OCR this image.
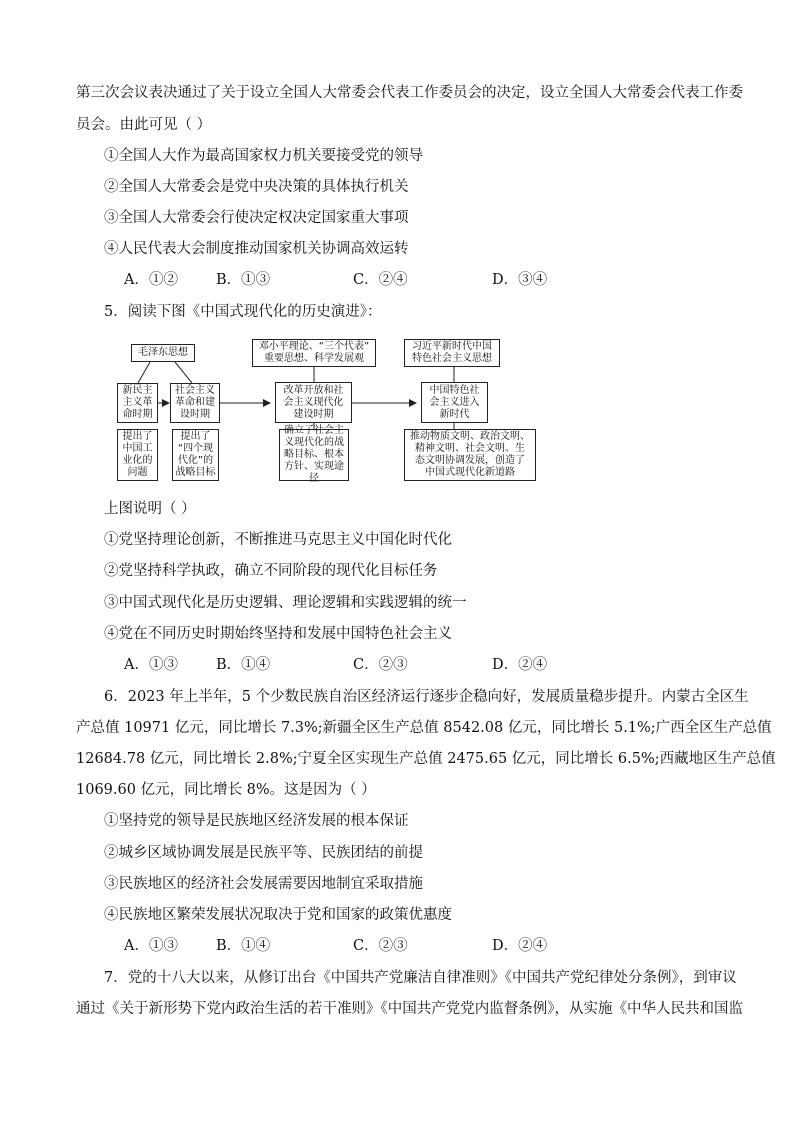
第三次会议表决通过了关于设立全国人大常委会代表工作委员会的决定，设立全国人大常委会代表工作委
员会。由此可见（ ）
①全国人大作为最高国家权力机关要接受党的领导
②全国人大常委会是党中央决策的具体执行机关
③全国人大常委会行使决定权决定国家重大事项
④人民代表大会制度推动国家机关协调高效运转
A．①②	B．①③	C．②④	D．③④
5．阅读下图《中国式现代化的历史演进》：
毛泽东思想
新民主
主义革
命时期
提出了
中国工
业化的
问题
社会主义
革命和建
设时期
提出了
“四个现
代化”的
战略目标
邓小平理论、“三个代表”
重要思想、科学发展观
改革开放和社
会主义现代化
建设时期
确立了社会主
义现代化的战
略目标、根本
方针、实现途径
习近平新时代中国
特色社会主义思想
中国特色社
会主义进入
新时代
推动物质文明、政治文明、
精神文明、社会文明、生
态文明协调发展，创造了
中国式现代化新道路
上图说明（ ）
①党坚持理论创新，不断推进马克思主义中国化时代化
②党坚持科学执政，确立不同阶段的现代化目标任务
③中国式现代化是历史逻辑、理论逻辑和实践逻辑的统一
④党在不同历史时期始终坚持和发展中国特色社会主义
A．①③	B．①④	C．②③	D．②④
6．2023 年上半年，5 个少数民族自治区经济运行逐步企稳向好，发展质量稳步提升。内蒙古全区生
产总值 10971 亿元，同比增长 7.3%;新疆全区生产总值 8542.08 亿元，同比增长 5.1%;广西全区生产总值
12684.78 亿元，同比增长 2.8%;宁夏全区实现生产总值 2475.65 亿元，同比增长 6.5%;西藏地区生产总值
1069.60 亿元，同比增长 8%。这是因为（ ）
①坚持党的领导是民族地区经济发展的根本保证
②城乡区域协调发展是民族平等、民族团结的前提
③民族地区的经济社会发展需要因地制宜采取措施
④民族地区繁荣发展状况取决于党和国家的政策优惠度
A．①③	B．①④	C．②③	D．②④
7．党的十八大以来，从修订出台《中国共产党廉洁自律准则》《中国共产党纪律处分条例》，到审议
通过《关于新形势下党内政治生活的若干准则》《中国共产党党内监督条例》，从实施《中华人民共和国监
